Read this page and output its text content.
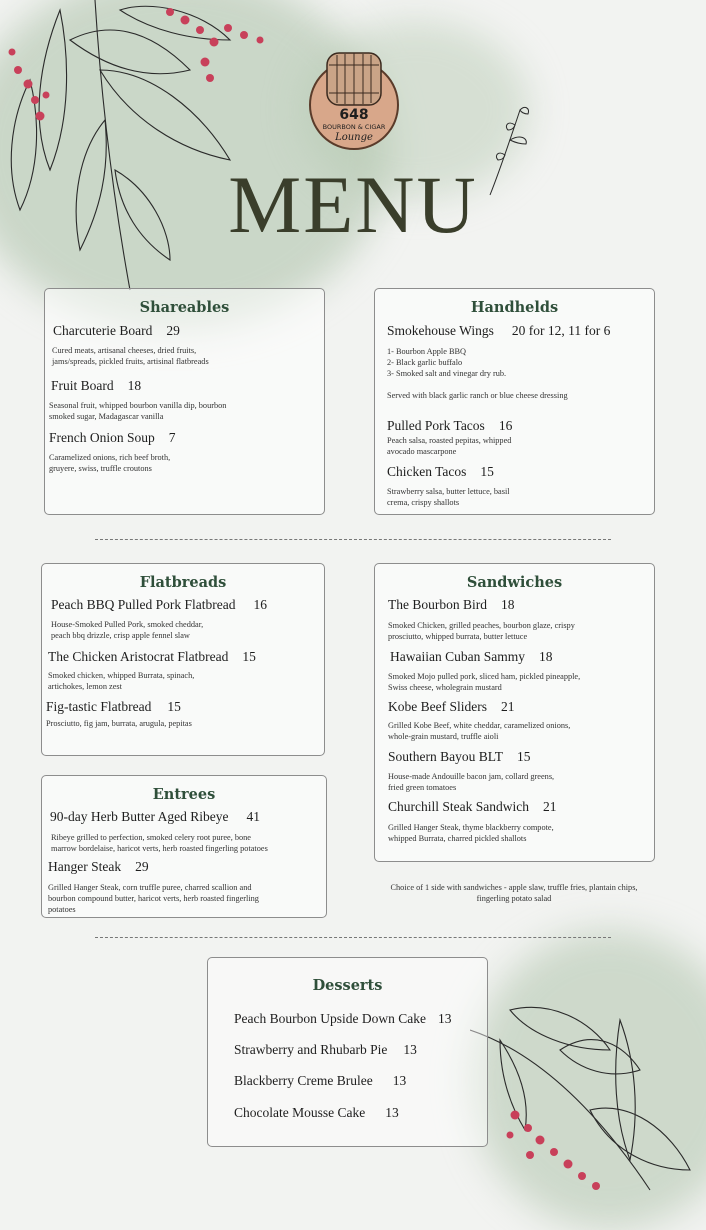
648
BOURBON & CIGAR
Lounge
MENU
Shareables
Charcuterie Board 29
Cured meats, artisanal cheeses, dried fruits,
jams/spreads, pickled fruits, artisinal flatbreads
Fruit Board 18
Seasonal fruit, whipped bourbon vanilla dip, bourbon
smoked sugar, Madagascar vanilla
French Onion Soup 7
Caramelized onions, rich beef broth,
gruyere, swiss, truffle croutons
Handhelds
Smokehouse Wings 20 for 12, 11 for 6
1- Bourbon Apple BBQ
2- Black garlic buffalo
3- Smoked salt and vinegar dry rub.
Served with black garlic ranch or blue cheese dressing
Pulled Pork Tacos 16
Peach salsa, roasted pepitas, whipped
avocado mascarpone
Chicken Tacos 15
Strawberry salsa, butter lettuce, basil
crema, crispy shallots
Flatbreads
Peach BBQ Pulled Pork Flatbread 16
House-Smoked Pulled Pork, smoked cheddar,
peach bbq drizzle, crisp apple fennel slaw
The Chicken Aristocrat Flatbread 15
Smoked chicken, whipped Burrata, spinach,
artichokes, lemon zest
Fig-tastic Flatbread 15
Prosciutto, fig jam, burrata, arugula, pepitas
Sandwiches
The Bourbon Bird 18
Smoked Chicken, grilled peaches, bourbon glaze, crispy
prosciutto, whipped burrata, butter lettuce
Hawaiian Cuban Sammy 18
Smoked Mojo pulled pork, sliced ham, pickled pineapple,
Swiss cheese, wholegrain mustard
Kobe Beef Sliders 21
Grilled Kobe Beef, white cheddar, caramelized onions,
whole-grain mustard, truffle aioli
Southern Bayou BLT 15
House-made Andouille bacon jam, collard greens,
fried green tomatoes
Churchill Steak Sandwich 21
Grilled Hanger Steak, thyme blackberry compote,
whipped Burrata, charred pickled shallots
Choice of 1 side with sandwiches - apple slaw, truffle fries, plantain chips,
fingerling potato salad
Entrees
90-day Herb Butter Aged Ribeye 41
Ribeye grilled to perfection, smoked celery root puree, bone
marrow bordelaise, haricot verts, herb roasted fingerling potatoes
Hanger Steak 29
Grilled Hanger Steak, corn truffle puree, charred scallion and
bourbon compound butter, haricot verts, herb roasted fingerling
potatoes
Desserts
Peach Bourbon Upside Down Cake 13
Strawberry and Rhubarb Pie 13
Blackberry Creme Brulee 13
Chocolate Mousse Cake 13
